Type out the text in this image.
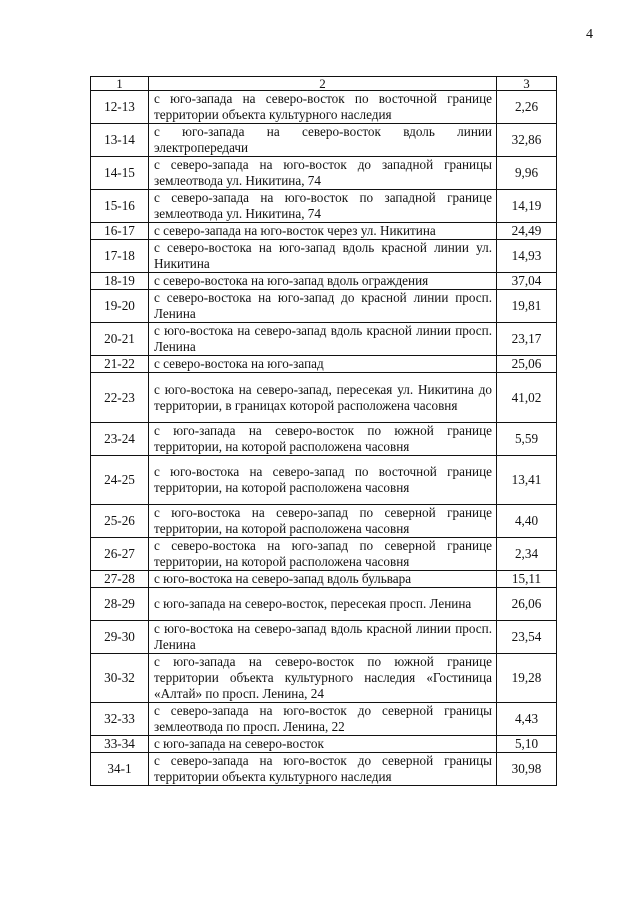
4
1	2	3
12-13	с юго-запада на северо-восток по восточной границе территории объекта культурного наследия	2,26
13-14	с юго-запада на северо-восток вдоль линии электропередачи	32,86
14-15	с северо-запада на юго-восток до западной границы землеотвода ул. Никитина, 74	9,96
15-16	с северо-запада на юго-восток по западной границе землеотвода ул. Никитина, 74	14,19
16-17	с северо-запада на юго-восток через ул. Никитина	24,49
17-18	с северо-востока на юго-запад вдоль красной линии ул. Никитина	14,93
18-19	с северо-востока на юго-запад вдоль ограждения	37,04
19-20	с северо-востока на юго-запад до красной линии просп. Ленина	19,81
20-21	с юго-востока на северо-запад вдоль красной линии просп. Ленина	23,17
21-22	с северо-востока на юго-запад	25,06
22-23	с юго-востока на северо-запад, пересекая ул. Никитина до территории, в границах которой расположена часовня	41,02
23-24	с юго-запада на северо-восток по южной границе территории, на которой расположена часовня	5,59
24-25	с юго-востока на северо-запад по восточной границе территории, на которой расположена часовня	13,41
25-26	с юго-востока на северо-запад по северной границе территории, на которой расположена часовня	4,40
26-27	с северо-востока на юго-запад по северной границе территории, на которой расположена часовня	2,34
27-28	с юго-востока на северо-запад вдоль бульвара	15,11
28-29	с юго-запада на северо-восток, пересекая просп. Ленина	26,06
29-30	с юго-востока на северо-запад вдоль красной линии просп. Ленина	23,54
30-32	с юго-запада на северо-восток по южной границе территории объекта культурного наследия «Гостиница «Алтай» по просп. Ленина, 24	19,28
32-33	с северо-запада на юго-восток до северной границы землеотвода по просп. Ленина, 22	4,43
33-34	с юго-запада на северо-восток	5,10
34-1	с северо-запада на юго-восток до северной границы территории объекта культурного наследия	30,98
